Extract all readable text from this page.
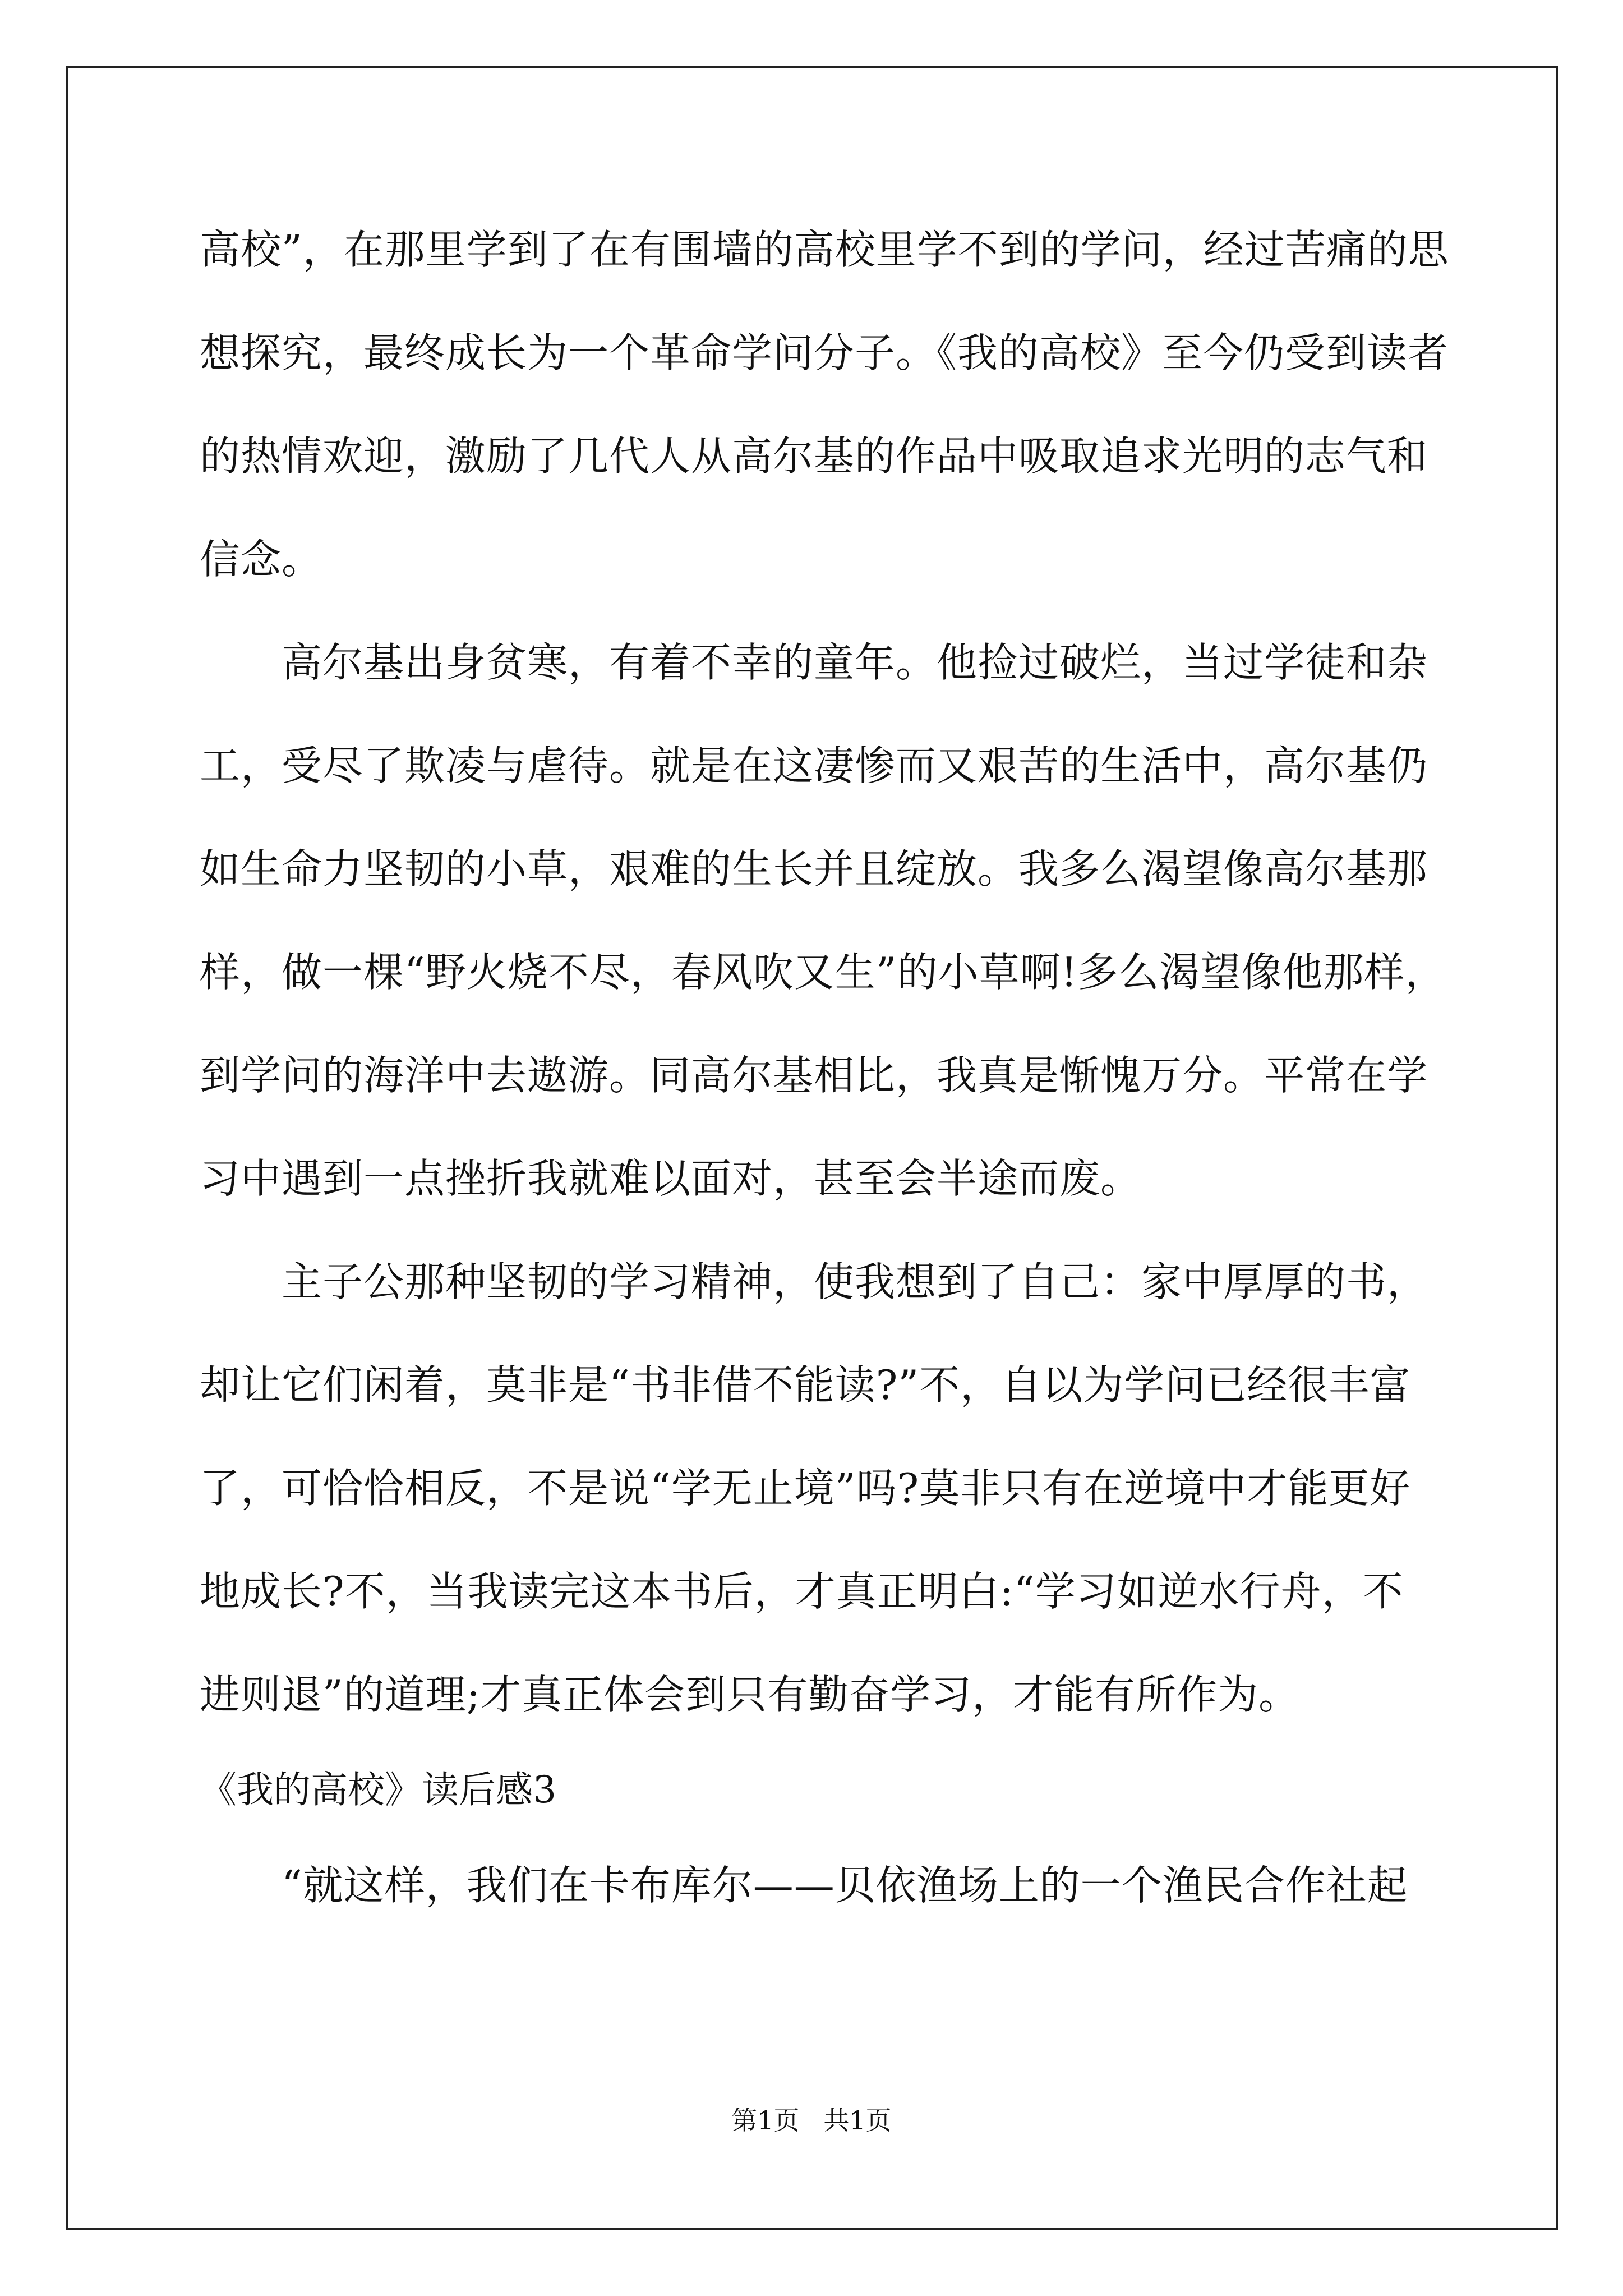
高校”，在那里学到了在有围墙的高校里学不到的学问，经过苦痛的思
想探究，最终成长为一个革命学问分子。《我的高校》至今仍受到读者
的热情欢迎，激励了几代人从高尔基的作品中吸取追求光明的志气和
信念。
　　高尔基出身贫寒，有着不幸的童年。他捡过破烂，当过学徒和杂
工，受尽了欺凌与虐待。就是在这凄惨而又艰苦的生活中，高尔基仍
如生命力坚韧的小草，艰难的生长并且绽放。我多么渴望像高尔基那
样，做一棵“野火烧不尽，春风吹又生”的小草啊!多么渴望像他那样，
到学问的海洋中去遨游。同高尔基相比，我真是惭愧万分。平常在学
习中遇到一点挫折我就难以面对，甚至会半途而废。
　　主子公那种坚韧的学习精神，使我想到了自己：家中厚厚的书，
却让它们闲着，莫非是“书非借不能读?”不，自以为学问已经很丰富
了，可恰恰相反，不是说“学无止境”吗?莫非只有在逆境中才能更好
地成长?不，当我读完这本书后，才真正明白:“学习如逆水行舟，不
进则退”的道理;才真正体会到只有勤奋学习，才能有所作为。
《我的高校》读后感3
　　“就这样，我们在卡布库尔——贝依渔场上的一个渔民合作社起
第1页 共1页
